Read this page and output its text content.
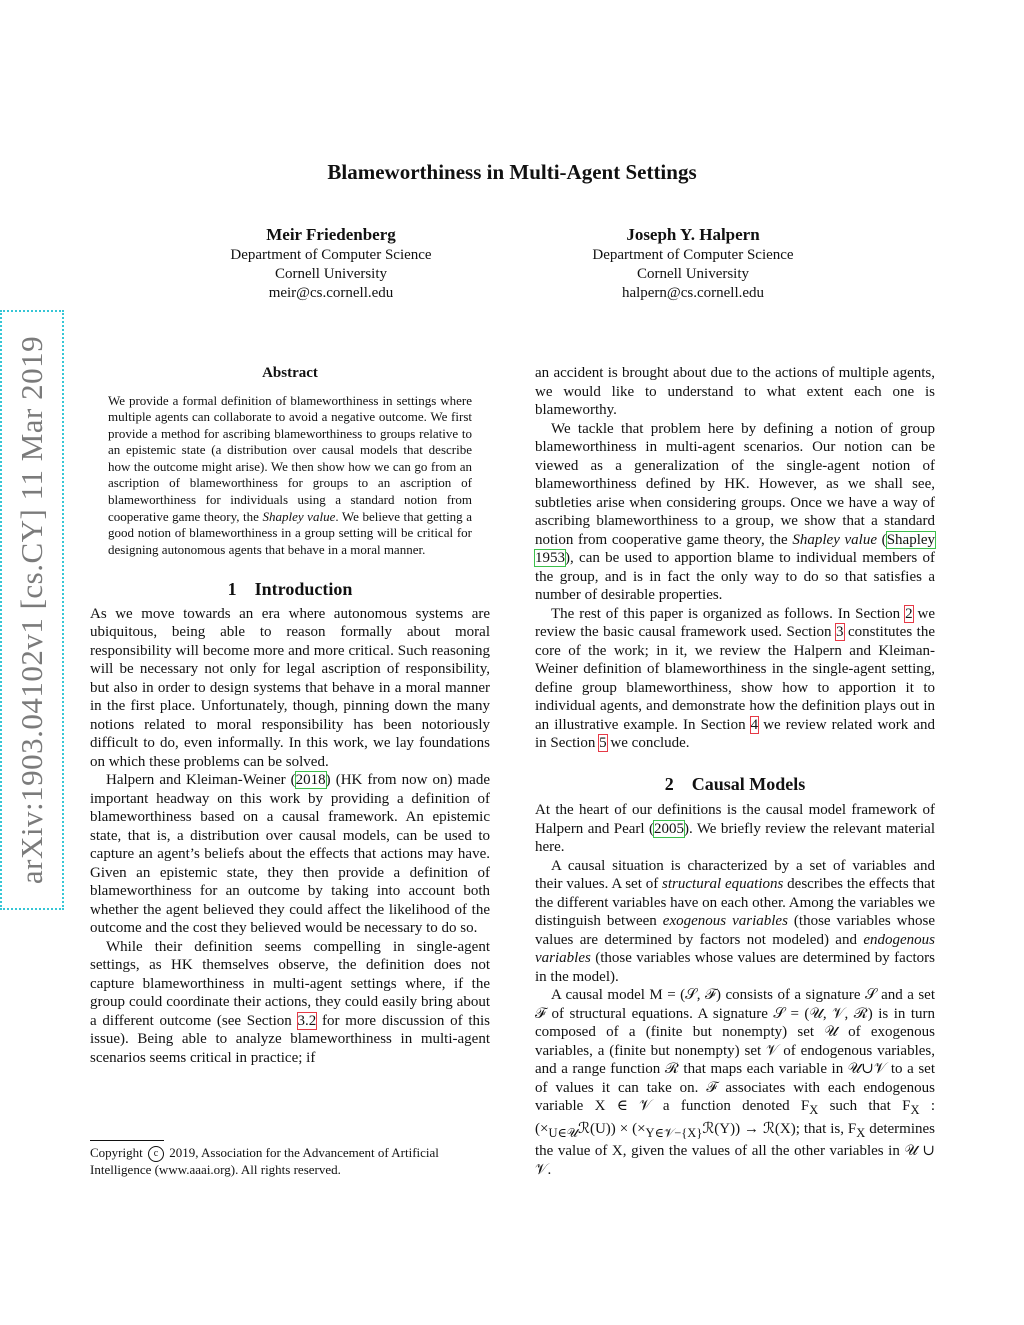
Blameworthiness in Multi-Agent Settings
Meir Friedenberg
Department of Computer Science
Cornell University
meir@cs.cornell.edu
Joseph Y. Halpern
Department of Computer Science
Cornell University
halpern@cs.cornell.edu
arXiv:1903.04102v1 [cs.CY] 11 Mar 2019	Abstract
We provide a formal definition of blameworthiness in settings where multiple agents can collaborate to avoid a negative outcome. We first provide a method for ascribing blameworthiness to groups relative to an epistemic state (a distribution over causal models that describe how the outcome might arise). We then show how we can go from an ascription of blameworthiness for groups to an ascription of blameworthiness for individuals using a standard notion from cooperative game theory, the Shapley value. We believe that getting a good notion of blameworthiness in a group setting will be critical for designing autonomous agents that behave in a moral manner.
1 Introduction

As we move towards an era where autonomous systems are ubiquitous, being able to reason formally about moral responsibility will become more and more critical. Such reasoning will be necessary not only for legal ascription of responsibility, but also in order to design systems that behave in a moral manner in the first place. Unfortunately, though, pinning down the many notions related to moral responsibility has been notoriously difficult to do, even informally. In this work, we lay foundations on which these problems can be solved.

Halpern and Kleiman-Weiner (2018) (HK from now on) made important headway on this work by providing a definition of blameworthiness based on a causal framework. An epistemic state, that is, a distribution over causal models, can be used to capture an agent’s beliefs about the effects that actions may have. Given an epistemic state, they then provide a definition of blameworthiness for an outcome by taking into account both whether the agent believed they could affect the likelihood of the outcome and the cost they believed would be necessary to do so.

While their definition seems compelling in single-agent settings, as HK themselves observe, the definition does not capture blameworthiness in multi-agent settings where, if the group could coordinate their actions, they could easily bring about a different outcome (see Section 3.2 for more discussion of this issue). Being able to analyze blameworthiness in multi-agent scenarios seems critical in practice; if

Copyright c 2019, Association for the Advancement of Artificial Intelligence (www.aaai.org). All rights reserved.

an accident is brought about due to the actions of multiple agents, we would like to understand to what extent each one is blameworthy.

We tackle that problem here by defining a notion of group blameworthiness in multi-agent scenarios. Our notion can be viewed as a generalization of the single-agent notion of blameworthiness defined by HK. However, as we shall see, subtleties arise when considering groups. Once we have a way of ascribing blameworthiness to a group, we show that a standard notion from cooperative game theory, the Shapley value (Shapley 1953), can be used to apportion blame to individual members of the group, and is in fact the only way to do so that satisfies a number of desirable properties.

The rest of this paper is organized as follows. In Section 2 we review the basic causal framework used. Section 3 constitutes the core of the work; in it, we review the Halpern and Kleiman-Weiner definition of blameworthiness in the single-agent setting, define group blameworthiness, show how to apportion it to individual agents, and demonstrate how the definition plays out in an illustrative example. In Section 4 we review related work and in Section 5 we conclude.

2 Causal Models

At the heart of our definitions is the causal model framework of Halpern and Pearl (2005). We briefly review the relevant material here.

A causal situation is characterized by a set of variables and their values. A set of structural equations describes the effects that the different variables have on each other. Among the variables we distinguish between exogenous variables (those variables whose values are determined by factors not modeled) and endogenous variables (those variables whose values are determined by factors in the model).

A causal model M = (𝒮, ℱ) consists of a signature 𝒮 and a set ℱ of structural equations. A signature 𝒮 = (𝒰, 𝒱, ℛ) is in turn composed of a (finite but nonempty) set 𝒰 of exogenous variables, a (finite but nonempty) set 𝒱 of endogenous variables, and a range function ℛ that maps each variable in 𝒰∪𝒱 to a set of values it can take on. ℱ associates with each endogenous variable X ∈ 𝒱 a function denoted $F_X$ such that $F_X$ : $(\times_{U\in 𝒰}ℛ(U))$ × $(\times_{Y\in 𝒱-\{X\}}ℛ(Y))$ → ℛ(X); that is, $F_X$ determines the value of X, given the values of all the other variables in 𝒰 ∪ 𝒱.
